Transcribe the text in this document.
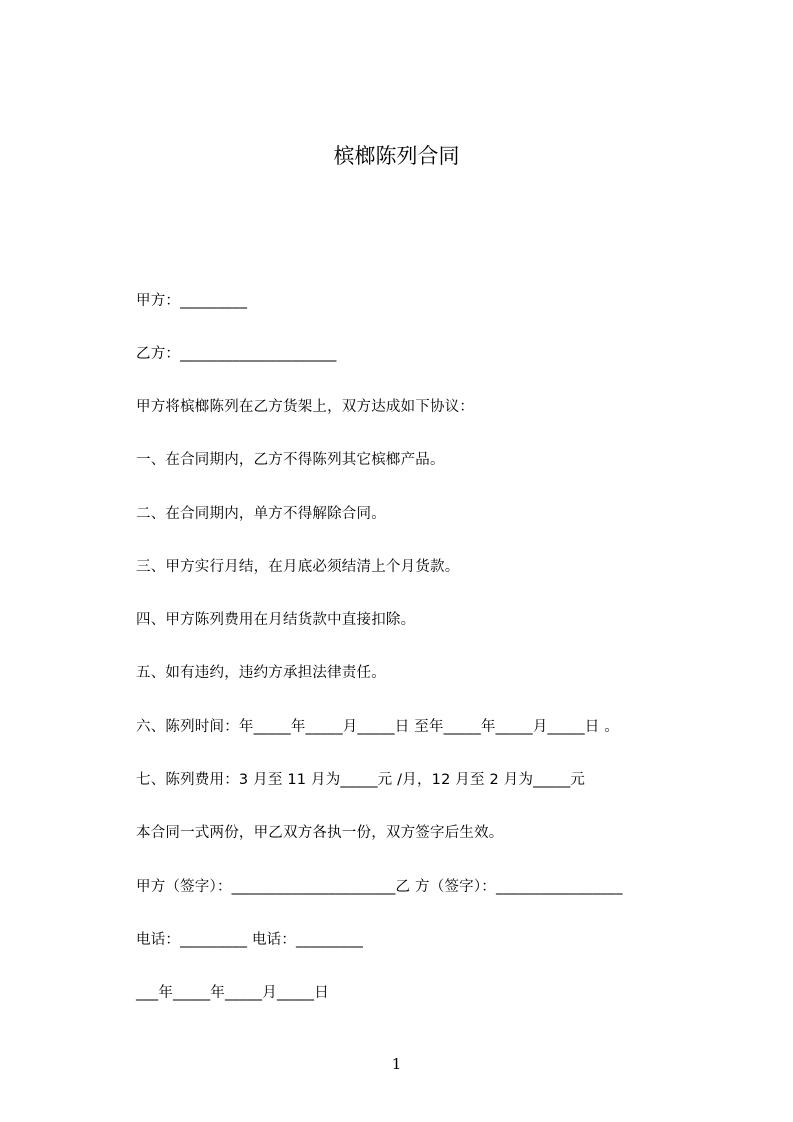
槟榔陈列合同
甲方：_________
乙方：_____________________
甲方将槟榔陈列在乙方货架上，双方达成如下协议：
一、在合同期内，乙方不得陈列其它槟榔产品。
二、在合同期内，单方不得解除合同。
三、甲方实行月结，在月底必须结清上个月货款。
四、甲方陈列费用在月结货款中直接扣除。
五、如有违约，违约方承担法律责任。
六、陈列时间：年_____年_____月_____日 至年_____年_____月_____日 。
七、陈列费用：3 月至 11 月为_____元 /月，12 月至 2 月为_____元
本合同一式两份，甲乙双方各执一份，双方签字后生效。
甲方（签字）：______________________乙 方（签字）：_________________
电话：_________ 电话：_________
___年_____年_____月_____日
1
